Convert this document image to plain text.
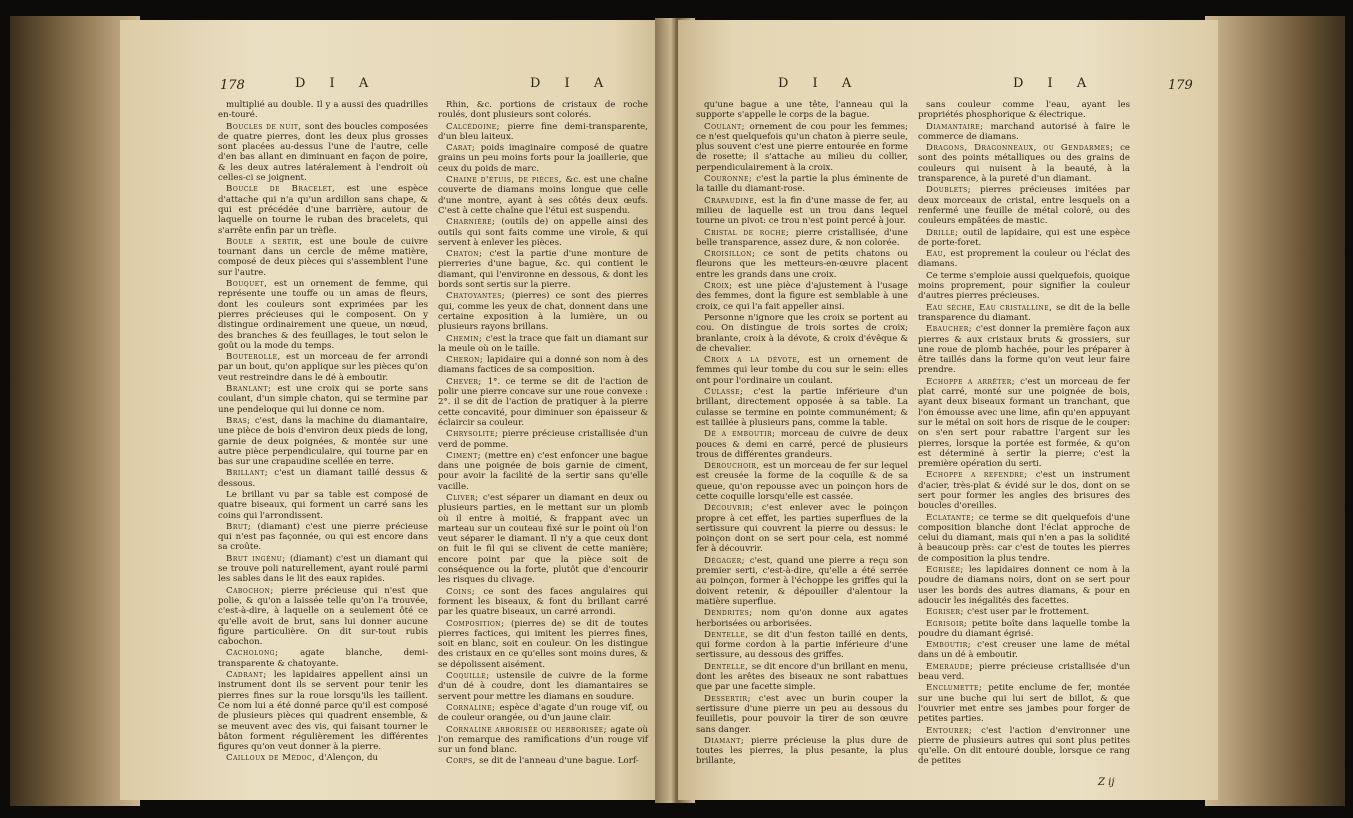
178	D I A	D I A

multiplié au double. Il y a aussi des quadrilles en-touré.

Boucles de nuit, sont des boucles composées de quatre pierres, dont les deux plus grosses sont placées au-dessus l'une de l'autre, celle d'en bas allant en diminuant en façon de poire, & les deux autres latéralement à l'endroit où celles-ci se joignent.

Boucle de Bracelet, est une espèce d'attache qui n'a qu'un ardillon sans chape, & qui est précédée d'une barrière, autour de laquelle on tourne le ruban des bracelets, qui s'arrête enfin par un trèfle.

Boule a sertir, est une boule de cuivre tournant dans un cercle de même matière, composé de deux pièces qui s'assemblent l'une sur l'autre.

Bouquet, est un ornement de femme, qui représente une touffe ou un amas de fleurs, dont les couleurs sont exprimées par les pierres précieuses qui le composent. On y distingue ordinairement une queue, un nœud, des branches & des feuillages, le tout selon le goût ou la mode du temps.

Bouterolle, est un morceau de fer arrondi par un bout, qu'on applique sur les pièces qu'on veut restreindre dans le dé à emboutir.

Branlant; est une croix qui se porte sans coulant, d'un simple chaton, qui se termine par une pendeloque qui lui donne ce nom.

Bras; c'est, dans la machine du diamantaire, une pièce de bois d'environ deux pieds de long, garnie de deux poignées, & montée sur une autre pièce perpendiculaire, qui tourne par en bas sur une crapaudine scellée en terre.

Brillant; c'est un diamant taillé dessus & dessous.

Le brillant vu par sa table est composé de quatre biseaux, qui forment un carré sans les coins qui l'arrondissent.

Brut; (diamant) c'est une pierre précieuse qui n'est pas façonnée, ou qui est encore dans sa croûte.

Brut ingénu; (diamant) c'est un diamant qui se trouve poli naturellement, ayant roulé parmi les sables dans le lit des eaux rapides.

Cabochon; pierre précieuse qui n'est que polie, & qu'on a laissée telle qu'on l'a trouvée, c'est-à-dire, à laquelle on a seulement ôté ce qu'elle avoit de brut, sans lui donner aucune figure particulière. On dit sur-tout rubis cabochon.

Cacholong; agate blanche, demi-transparente & chatoyante.

Cadrant; les lapidaires appellent ainsi un instrument dont ils se servent pour tenir les pierres fines sur la roue lorsqu'ils les taillent. Ce nom lui a été donné parce qu'il est composé de plusieurs pièces qui quadrent ensemble, & se meuvent avec des vis, qui faisant tourner le bâton forment régulièrement les différentes figures qu'on veut donner à la pierre.

Cailloux de Médoc, d'Alençon, du

Rhin, &c. portions de cristaux de roche roulés, dont plusieurs sont colorés.

Calcédoine; pierre fine demi-transparente, d'un bleu laiteux.

Carat; poids imaginaire composé de quatre grains un peu moins forts pour la joaillerie, que ceux du poids de marc.

Chaine d'étuis, de pièces, &c. est une chaîne couverte de diamans moins longue que celle d'une montre, ayant à ses côtés deux œufs. C'est à cette chaîne que l'étui est suspendu.

Charnière; (outils de) on appelle ainsi des outils qui sont faits comme une virole, & qui servent à enlever les pièces.

Chaton; c'est la partie d'une monture de pierreries d'une bague, &c. qui contient le diamant, qui l'environne en dessous, & dont les bords sont sertis sur la pierre.

Chatoyantes; (pierres) ce sont des pierres qui, comme les yeux de chat, donnent dans une certaine exposition à la lumière, un ou plusieurs rayons brillans.

Chemin; c'est la trace que fait un diamant sur la meule où on le taille.

Cheron; lapidaire qui a donné son nom à des diamans factices de sa composition.

Chever; 1°. ce terme se dit de l'action de polir une pierre concave sur une roue convexe : 2°. il se dit de l'action de pratiquer à la pierre cette concavité, pour diminuer son épaisseur & éclaircir sa couleur.

Chrysolite; pierre précieuse cristallisée d'un verd de pomme.

Ciment; (mettre en) c'est enfoncer une bague dans une poignée de bois garnie de ciment, pour avoir la facilité de la sertir sans qu'elle vacille.

Cliver; c'est séparer un diamant en deux ou plusieurs parties, en le mettant sur un plomb où il entre à moitié, & frappant avec un marteau sur un couteau fixé sur le point où l'on veut séparer le diamant. Il n'y a que ceux dont on fuit le fil qui se clivent de cette manière; encore point par que la pièce soit de conséquence ou la forte, plutôt que d'encourir les risques du clivage.

Coins; ce sont des faces angulaires qui forment les biseaux, & font du brillant carré par les quatre biseaux, un carré arrondi.

Composition; (pierres de) se dit de toutes pierres factices, qui imitent les pierres fines, soit en blanc, soit en couleur. On les distingue des cristaux en ce qu'elles sont moins dures, & se dépolissent aisément.

Coquille; ustensile de cuivre de la forme d'un dé à coudre, dont les diamantaires se servent pour mettre les diamans en soudure.

Cornaline; espèce d'agate d'un rouge vif, ou de couleur orangée, ou d'un jaune clair.

Cornaline arborisée ou herborisée; agate où l'on remarque des ramifications d'un rouge vif sur un fond blanc.

Corps, se dit de l'anneau d'une bague. Lorf-

D I A	D I A	179

qu'une bague a une tête, l'anneau qui la supporte s'appelle le corps de la bague.

Coulant; ornement de cou pour les femmes; ce n'est quelquefois qu'un chaton à pierre seule, plus souvent c'est une pierre entourée en forme de rosette; il s'attache au milieu du collier, perpendiculairement à la croix.

Couronne; c'est la partie la plus éminente de la taille du diamant-rose.

Crapaudine, est la fin d'une masse de fer, au milieu de laquelle est un trou dans lequel tourne un pivot: ce trou n'est point percé à jour.

Cristal de roche; pierre cristallisée, d'une belle transparence, assez dure, & non colorée.

Croisillon; ce sont de petits chatons ou fleurons que les metteurs-en-œuvre placent entre les grands dans une croix.

Croix; est une pièce d'ajustement à l'usage des femmes, dont la figure est semblable à une croix, ce qui l'a fait appeller ainsi.

Personne n'ignore que les croix se portent au cou. On distingue de trois sortes de croix; branlante, croix à la dévote, & croix d'évêque & de chevalier.

Croix a la dévote, est un ornement de femmes qui leur tombe du cou sur le sein: elles ont pour l'ordinaire un coulant.

Culasse; c'est la partie inférieure d'un brillant, directement opposée à sa table. La culasse se termine en pointe communément; & est taillée à plusieurs pans, comme la table.

Dé a emboutir; morceau de cuivre de deux pouces & demi en carré, percé de plusieurs trous de différentes grandeurs.

Dérouchoir, est un morceau de fer sur lequel est creusée la forme de la coquille & de sa queue, qu'on repousse avec un poinçon hors de cette coquille lorsqu'elle est cassée.

Découvrir; c'est enlever avec le poinçon propre à cet effet, les parties superflues de la sertissure qui couvrent la pierre ou dessus: le poinçon dont on se sert pour cela, est nommé fer à découvrir.

Dégager; c'est, quand une pierre a reçu son premier serti, c'est-à-dire, qu'elle a été serrée au poinçon, former à l'échoppe les griffes qui la doivent retenir, & dépouiller d'alentour la matière superflue.

Dendrites; nom qu'on donne aux agates herborisées ou arborisées.

Dentelle, se dit d'un feston taillé en dents, qui forme cordon à la partie inférieure d'une sertissure, au dessous des griffes.

Dentelle, se dit encore d'un brillant en menu, dont les arêtes des biseaux ne sont rabattues que par une facette simple.

Dessertir; c'est avec un burin couper la sertissure d'une pierre un peu au dessous du feuilletis, pour pouvoir la tirer de son œuvre sans danger.

Diamant; pierre précieuse la plus dure de toutes les pierres, la plus pesante, la plus brillante,

sans couleur comme l'eau, ayant les propriétés phosphorique & électrique.

Diamantaire; marchand autorisé à faire le commerce de diamans.

Dragons, Dragonneaux, ou Gendarmes; ce sont des points métalliques ou des grains de couleurs qui nuisent à la beauté, à la transparence, à la pureté d'un diamant.

Doublets; pierres précieuses imitées par deux morceaux de cristal, entre lesquels on a renfermé une feuille de métal coloré, ou des couleurs empâtées de mastic.

Drille; outil de lapidaire, qui est une espèce de porte-foret.

Eau, est proprement la couleur ou l'éclat des diamans.

Ce terme s'emploie aussi quelquefois, quoique moins proprement, pour signifier la couleur d'autres pierres précieuses.

Eau sèche, Eau cristalline, se dit de la belle transparence du diamant.

Ebaucher; c'est donner la première façon aux pierres & aux cristaux bruts & grossiers, sur une roue de plomb hachée, pour les préparer à être taillés dans la forme qu'on veut leur faire prendre.

Echoppe a arrêter; c'est un morceau de fer plat carré, monté sur une poignée de bois, ayant deux biseaux formant un tranchant, que l'on émousse avec une lime, afin qu'en appuyant sur le métal on soit hors de risque de le couper: on s'en sert pour rabattre l'argent sur les pierres, lorsque la portée est formée, & qu'on est déterminé à sertir la pierre; c'est la première opération du serti.

Echoppe a refendre; c'est un instrument d'acier, très-plat & évidé sur le dos, dont on se sert pour former les angles des brisures des boucles d'oreilles.

Eclatante; ce terme se dit quelquefois d'une composition blanche dont l'éclat approche de celui du diamant, mais qui n'en a pas la solidité à beaucoup près: car c'est de toutes les pierres de composition la plus tendre.

Egrisée; les lapidaires donnent ce nom à la poudre de diamans noirs, dont on se sert pour user les bords des autres diamans, & pour en adoucir les inégalités des facettes.

Egriser; c'est user par le frottement.

Egrisoir; petite boîte dans laquelle tombe la poudre du diamant égrisé.

Emboutir; c'est creuser une lame de métal dans un dé à emboutir.

Emeraude; pierre précieuse cristallisée d'un beau verd.

Enclumette; petite enclume de fer, montée sur une buche qui lui sert de billot, & que l'ouvrier met entre ses jambes pour forger de petites parties.

Entourer; c'est l'action d'environner une pierre de plusieurs autres qui sont plus petites qu'elle. On dit entouré double, lorsque ce rang de petites

Z ij
